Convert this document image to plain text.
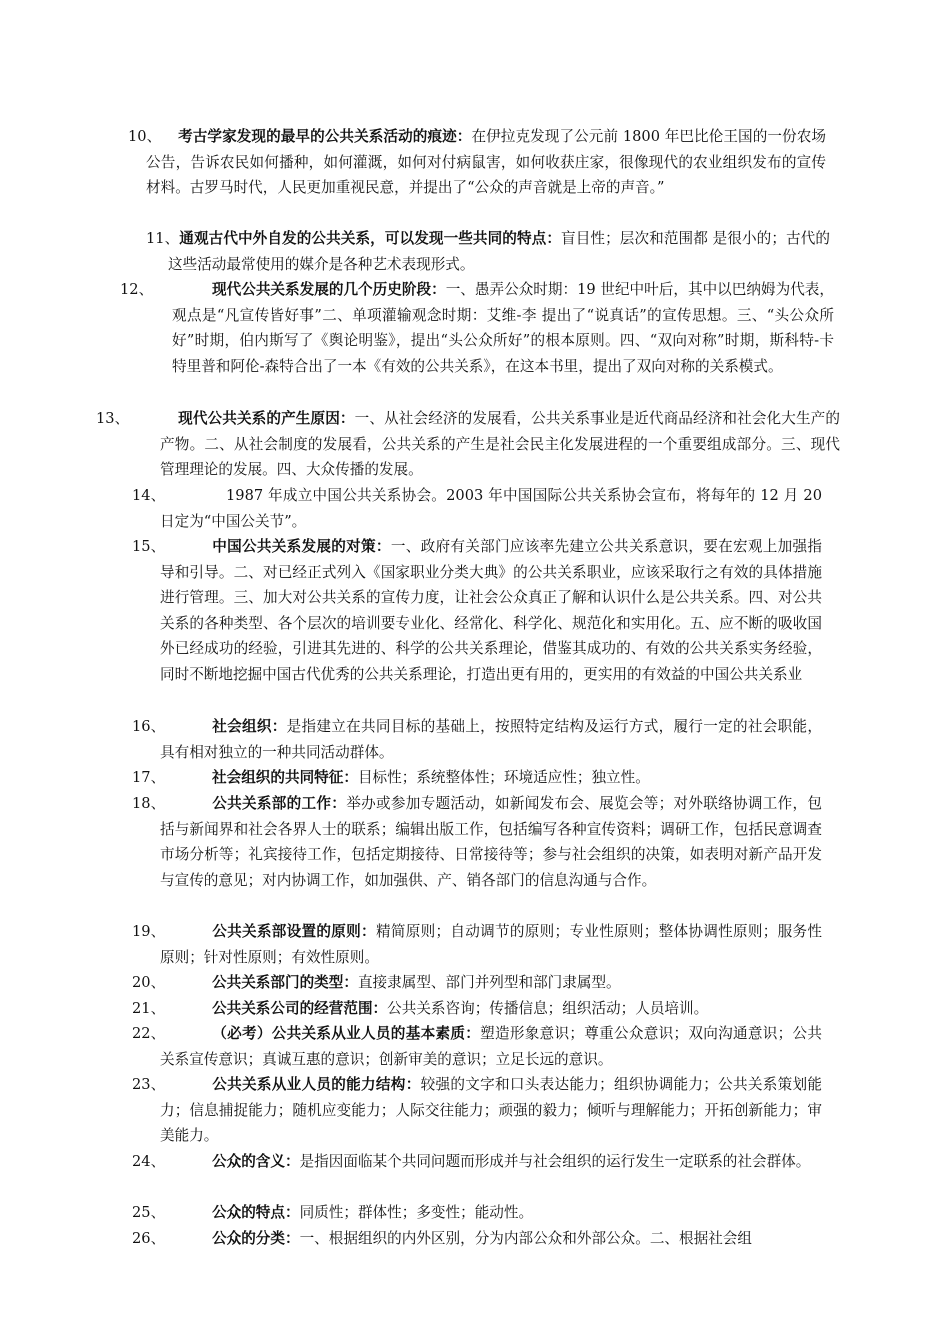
10、 考古学家发现的最早的公共关系活动的痕迹：在伊拉克发现了公元前 1800 年巴比伦王国的一份农场公告，告诉农民如何播种，如何灌溉，如何对付病鼠害，如何收获庄家，很像现代的农业组织发布的宣传材料。古罗马时代，人民更加重视民意，并提出了“公众的声音就是上帝的声音。”
11、通观古代中外自发的公共关系，可以发现一些共同的特点：盲目性；层次和范围都 是很小的；古代的这些活动最常使用的媒介是各种艺术表现形式。
12、	现代公共关系发展的几个历史阶段：一、愚弄公众时期：19 世纪中叶后，其中以巴纳姆为代表，观点是“凡宣传皆好事”二、单项灌输观念时期：艾维-李 提出了“说真话”的宣传思想。三、“头公众所好”时期，伯内斯写了《舆论明鉴》，提出“头公众所好”的根本原则。四、“双向对称”时期，斯科特-卡特里普和阿伦-森特合出了一本《有效的公共关系》，在这本书里，提出了双向对称的关系模式。
13、	现代公共关系的产生原因：一、从社会经济的发展看，公共关系事业是近代商品经济和社会化大生产的产物。二、从社会制度的发展看，公共关系的产生是社会民主化发展进程的一个重要组成部分。三、现代管理理论的发展。四、大众传播的发展。
14、	1987 年成立中国公共关系协会。2003 年中国国际公共关系协会宣布，将每年的 12 月 20 日定为“中国公关节”。
15、	中国公共关系发展的对策：一、政府有关部门应该率先建立公共关系意识，要在宏观上加强指导和引导。二、对已经正式列入《国家职业分类大典》的公共关系职业，应该采取行之有效的具体措施进行管理。三、加大对公共关系的宣传力度，让社会公众真正了解和认识什么是公共关系。四、对公共关系的各种类型、各个层次的培训要专业化、经常化、科学化、规范化和实用化。五、应不断的吸收国外已经成功的经验，引进其先进的、科学的公共关系理论，借鉴其成功的、有效的公共关系实务经验，同时不断地挖掘中国古代优秀的公共关系理论，打造出更有用的，更实用的有效益的中国公共关系业
16、	社会组织：是指建立在共同目标的基础上，按照特定结构及运行方式，履行一定的社会职能，具有相对独立的一种共同活动群体。
17、	社会组织的共同特征：目标性；系统整体性；环境适应性；独立性。
18、	公共关系部的工作：举办或参加专题活动，如新闻发布会、展览会等；对外联络协调工作，包括与新闻界和社会各界人士的联系；编辑出版工作，包括编写各种宣传资料；调研工作，包括民意调查市场分析等；礼宾接待工作，包括定期接待、日常接待等；参与社会组织的决策，如表明对新产品开发与宣传的意见；对内协调工作，如加强供、产、销各部门的信息沟通与合作。
19、	公共关系部设置的原则：精简原则；自动调节的原则；专业性原则；整体协调性原则；服务性原则；针对性原则；有效性原则。
20、	公共关系部门的类型：直接隶属型、部门并列型和部门隶属型。
21、	公共关系公司的经营范围：公共关系咨询；传播信息；组织活动；人员培训。
22、	（必考）公共关系从业人员的基本素质：塑造形象意识；尊重公众意识；双向沟通意识；公共关系宣传意识；真诚互惠的意识；创新审美的意识；立足长远的意识。
23、	公共关系从业人员的能力结构：较强的文字和口头表达能力；组织协调能力；公共关系策划能力；信息捕捉能力；随机应变能力；人际交往能力；顽强的毅力；倾听与理解能力；开拓创新能力；审美能力。
24、	公众的含义：是指因面临某个共同问题而形成并与社会组织的运行发生一定联系的社会群体。
25、	公众的特点：同质性；群体性；多变性；能动性。
26、	公众的分类：一、根据组织的内外区别，分为内部公众和外部公众。二、根据社会组
